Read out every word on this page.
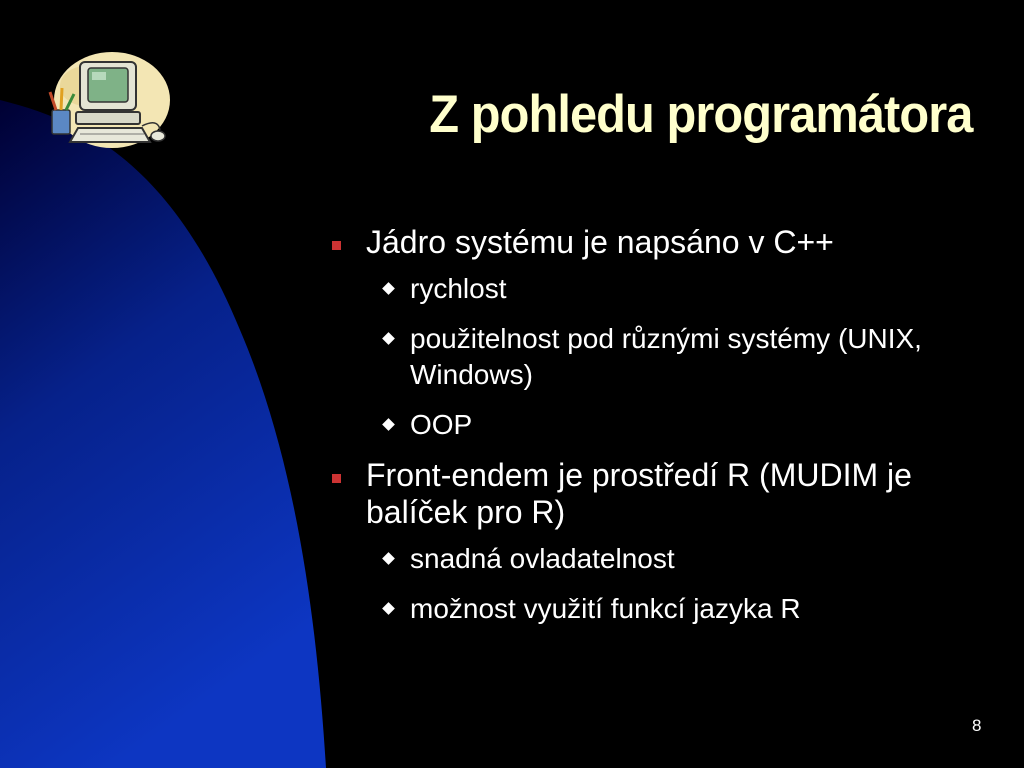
Z pohledu programátora
Jádro systému je napsáno v C++
rychlost
použitelnost pod různými systémy (UNIX, Windows)
OOP
Front-endem je prostředí R (MUDIM je balíček pro R)
snadná ovladatelnost
možnost využití funkcí jazyka R
8
